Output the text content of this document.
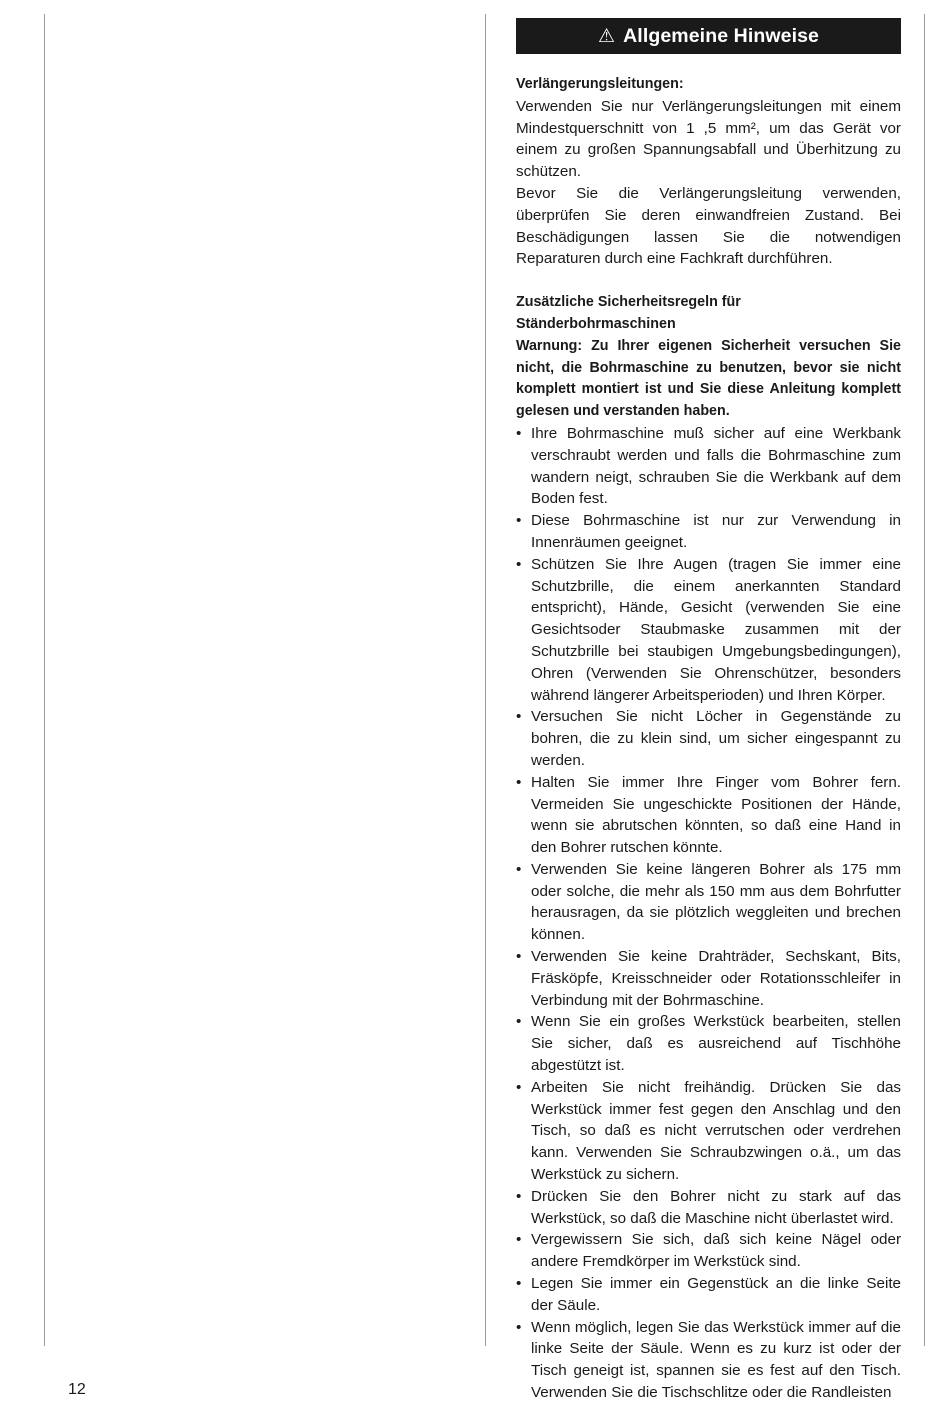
⚠ Allgemeine Hinweise

Verlängerungsleitungen:

Verwenden Sie nur Verlängerungsleitungen mit einem Mindestquerschnitt von 1 ,5 mm², um das Gerät vor einem zu großen Spannungsabfall und Überhitzung zu schützen.

Bevor Sie die Verlängerungsleitung verwenden, überprüfen Sie deren einwandfreien Zustand. Bei Beschädigungen lassen Sie die notwendigen Reparaturen durch eine Fachkraft durchführen.

Zusätzliche Sicherheitsregeln für Ständerbohrmaschinen

Warnung: Zu Ihrer eigenen Sicherheit versuchen Sie nicht, die Bohrmaschine zu benutzen, bevor sie nicht komplett montiert ist und Sie diese Anleitung komplett gelesen und verstanden haben.

• Ihre Bohrmaschine muß sicher auf eine Werkbank verschraubt werden und falls die Bohrmaschine zum wandern neigt, schrauben Sie die Werkbank auf dem Boden fest.
• Diese Bohrmaschine ist nur zur Verwendung in Innenräumen geeignet.
• Schützen Sie Ihre Augen (tragen Sie immer eine Schutzbrille, die einem anerkannten Standard entspricht), Hände, Gesicht (verwenden Sie eine Gesichtsoder Staubmaske zusammen mit der Schutzbrille bei staubigen Umgebungsbedingungen), Ohren (Verwenden Sie Ohrenschützer, besonders während längerer Arbeitsperioden) und Ihren Körper.
• Versuchen Sie nicht Löcher in Gegenstände zu bohren, die zu klein sind, um sicher eingespannt zu werden.
• Halten Sie immer Ihre Finger vom Bohrer fern. Vermeiden Sie ungeschickte Positionen der Hände, wenn sie abrutschen könnten, so daß eine Hand in den Bohrer rutschen könnte.
• Verwenden Sie keine längeren Bohrer als 175 mm oder solche, die mehr als 150 mm aus dem Bohrfutter herausragen, da sie plötzlich weggleiten und brechen können.
• Verwenden Sie keine Drahträder, Sechskant, Bits, Fräsköpfe, Kreisschneider oder Rotationsschleifer in Verbindung mit der Bohrmaschine.
• Wenn Sie ein großes Werkstück bearbeiten, stellen Sie sicher, daß es ausreichend auf Tischhöhe abgestützt ist.
• Arbeiten Sie nicht freihändig. Drücken Sie das Werkstück immer fest gegen den Anschlag und den Tisch, so daß es nicht verrutschen oder verdrehen kann. Verwenden Sie Schraubzwingen o.ä., um das Werkstück zu sichern.
• Drücken Sie den Bohrer nicht zu stark auf das Werkstück, so daß die Maschine nicht überlastet wird.
• Vergewissern Sie sich, daß sich keine Nägel oder andere Fremdkörper im Werkstück sind.
• Legen Sie immer ein Gegenstück an die linke Seite der Säule.
• Wenn möglich, legen Sie das Werkstück immer auf die linke Seite der Säule. Wenn es zu kurz ist oder der Tisch geneigt ist, spannen sie es fest auf den Tisch. Verwenden Sie die Tischschlitze oder die Randleisten
12
